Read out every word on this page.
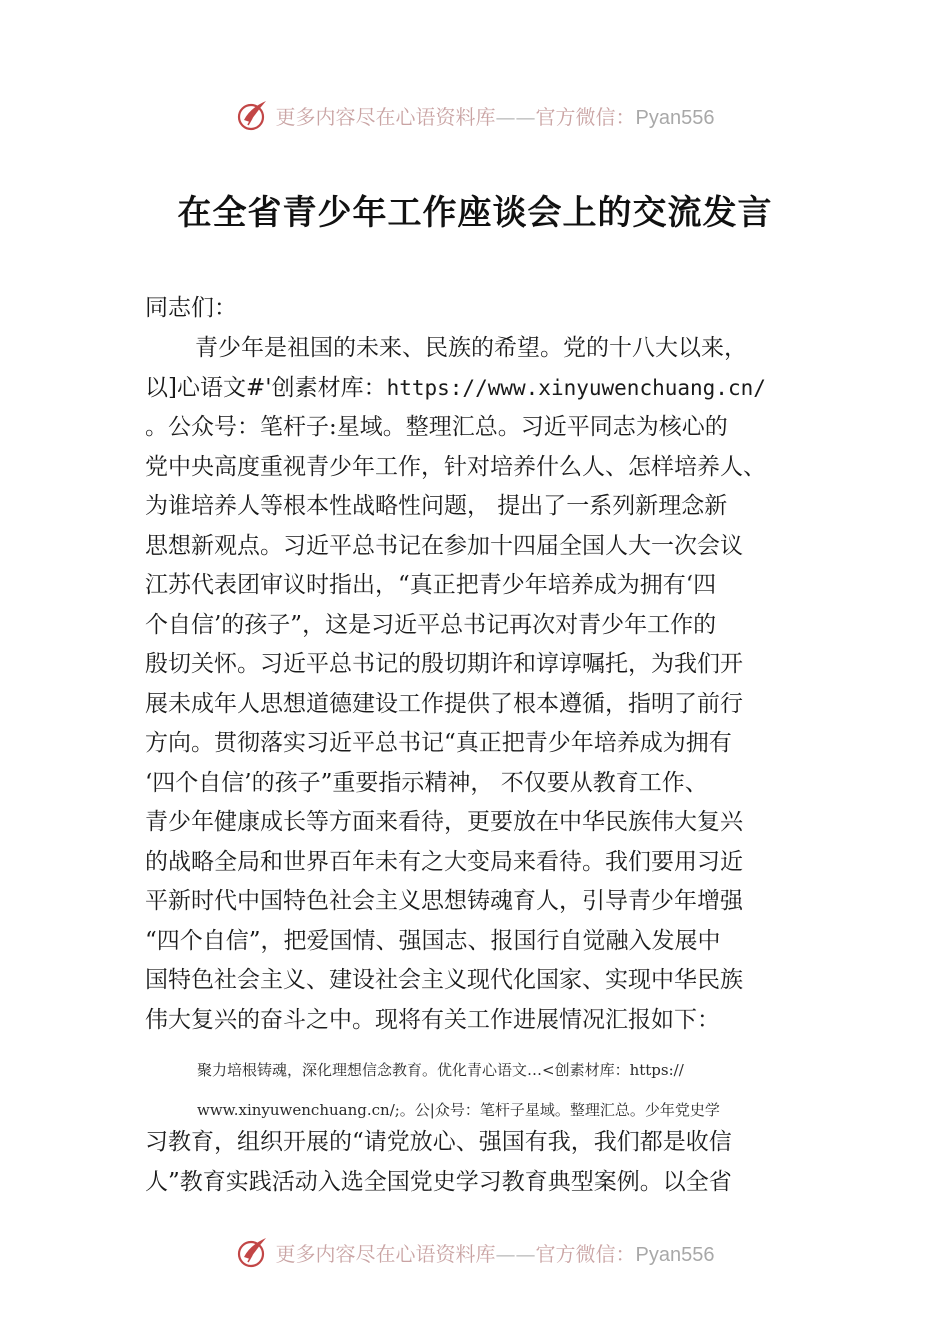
更多内容尽在心语资料库——官方微信：Pyan556
在全省青少年工作座谈会上的交流发言
同志们：
青少年是祖国的未来、民族的希望。党的十八大以来，
以]心语文#'创素材库：https://www.xinyuwenchuang.cn/
。公众号：笔杆子:星域。整理汇总。习近平同志为核心的
党中央高度重视青少年工作，针对培养什么人、怎样培养人、
为谁培养人等根本性战略性问题， 提出了一系列新理念新
思想新观点。习近平总书记在参加十四届全国人大一次会议
江苏代表团审议时指出，“真正把青少年培养成为拥有‘四
个自信’的孩子”，这是习近平总书记再次对青少年工作的
殷切关怀。习近平总书记的殷切期许和谆谆嘱托，为我们开
展未成年人思想道德建设工作提供了根本遵循，指明了前行
方向。贯彻落实习近平总书记“真正把青少年培养成为拥有
‘四个自信’的孩子”重要指示精神， 不仅要从教育工作、
青少年健康成长等方面来看待，更要放在中华民族伟大复兴
的战略全局和世界百年未有之大变局来看待。我们要用习近
平新时代中国特色社会主义思想铸魂育人，引导青少年增强
“四个自信”，把爱国情、强国志、报国行自觉融入发展中
国特色社会主义、建设社会主义现代化国家、实现中华民族
伟大复兴的奋斗之中。现将有关工作进展情况汇报如下：
聚力培根铸魂，深化理想信念教育。优化青心语文…<创素材库：https://
www.xinyuwenchuang.cn/;。公|众号：笔杆子星域。整理汇总。少年党史学
习教育，组织开展的“请党放心、强国有我，我们都是收信
人”教育实践活动入选全国党史学习教育典型案例。以全省
更多内容尽在心语资料库——官方微信：Pyan556
